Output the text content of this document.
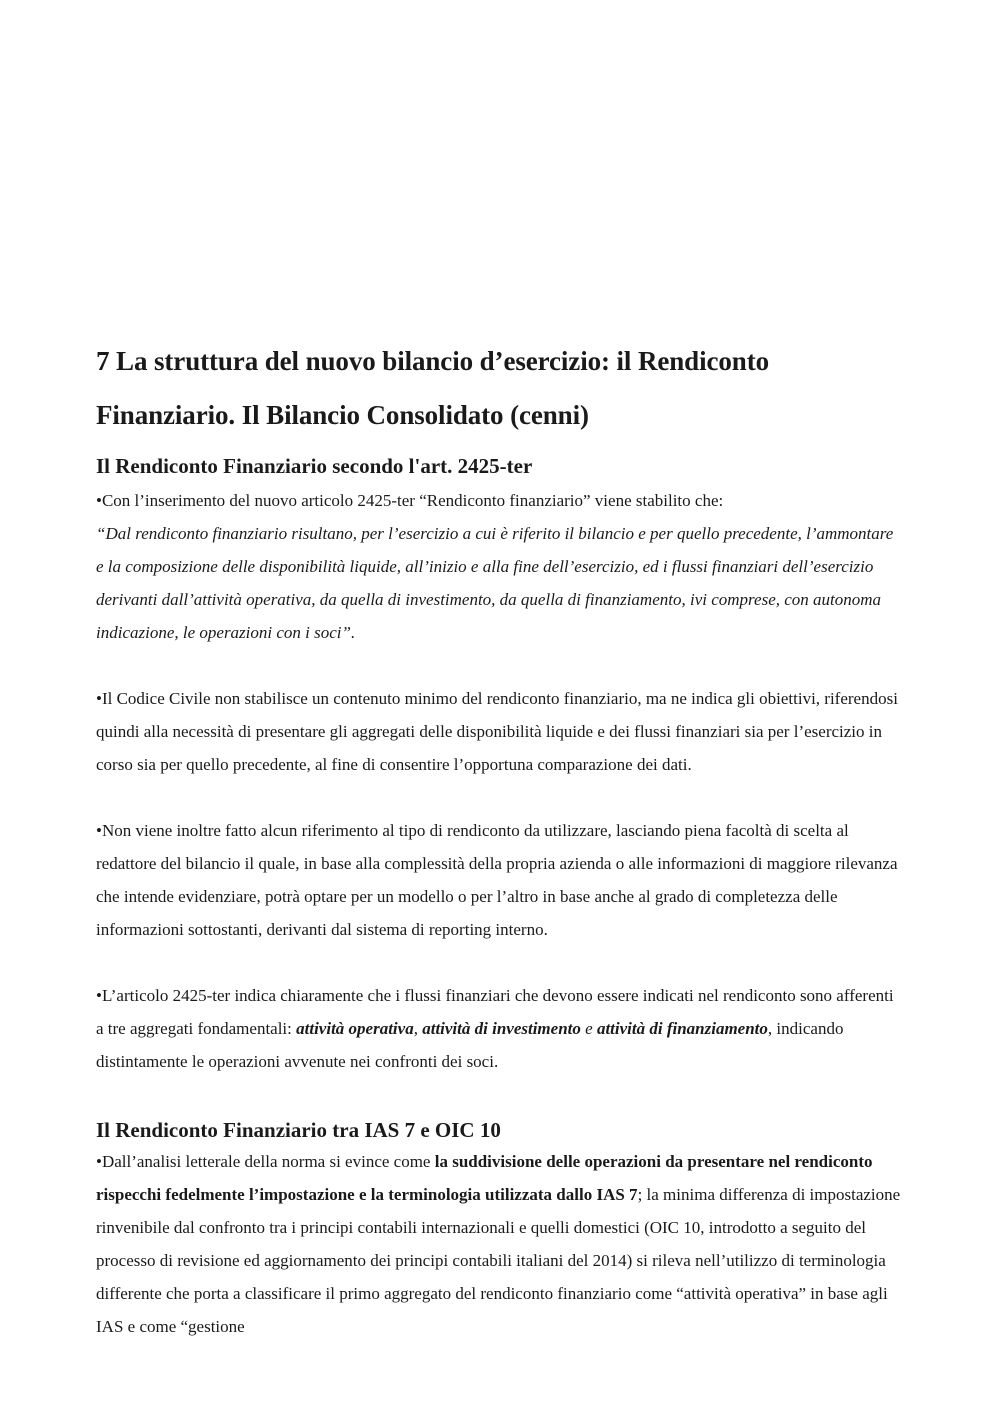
7 La struttura del nuovo bilancio d’esercizio: il Rendiconto Finanziario. Il Bilancio Consolidato (cenni)
Il Rendiconto Finanziario secondo l'art. 2425-ter

•Con l’inserimento del nuovo articolo 2425-ter “Rendiconto finanziario” viene stabilito che:

“Dal rendiconto finanziario risultano, per l’esercizio a cui è riferito il bilancio e per quello precedente, l’ammontare e la composizione delle disponibilità liquide, all’inizio e alla fine dell’esercizio, ed i flussi finanziari dell’esercizio derivanti dall’attività operativa, da quella di investimento, da quella di finanziamento, ivi comprese, con autonoma indicazione, le operazioni con i soci”.

•Il Codice Civile non stabilisce un contenuto minimo del rendiconto finanziario, ma ne indica gli obiettivi, riferendosi quindi alla necessità di presentare gli aggregati delle disponibilità liquide e dei flussi finanziari sia per l’esercizio in corso sia per quello precedente, al fine di consentire l’opportuna comparazione dei dati.

•Non viene inoltre fatto alcun riferimento al tipo di rendiconto da utilizzare, lasciando piena facoltà di scelta al redattore del bilancio il quale, in base alla complessità della propria azienda o alle informazioni di maggiore rilevanza che intende evidenziare, potrà optare per un modello o per l’altro in base anche al grado di completezza delle informazioni sottostanti, derivanti dal sistema di reporting interno.

•L’articolo 2425-ter indica chiaramente che i flussi finanziari che devono essere indicati nel rendiconto sono afferenti a tre aggregati fondamentali: attività operativa, attività di investimento e attività di finanziamento, indicando distintamente le operazioni avvenute nei confronti dei soci.

Il Rendiconto Finanziario tra IAS 7 e OIC 10

•Dall’analisi letterale della norma si evince come la suddivisione delle operazioni da presentare nel rendiconto rispecchi fedelmente l’impostazione e la terminologia utilizzata dallo IAS 7; la minima differenza di impostazione rinvenibile dal confronto tra i principi contabili internazionali e quelli domestici (OIC 10, introdotto a seguito del processo di revisione ed aggiornamento dei principi contabili italiani del 2014) si rileva nell’utilizzo di terminologia differente che porta a classificare il primo aggregato del rendiconto finanziario come “attività operativa” in base agli IAS e come “gestione
